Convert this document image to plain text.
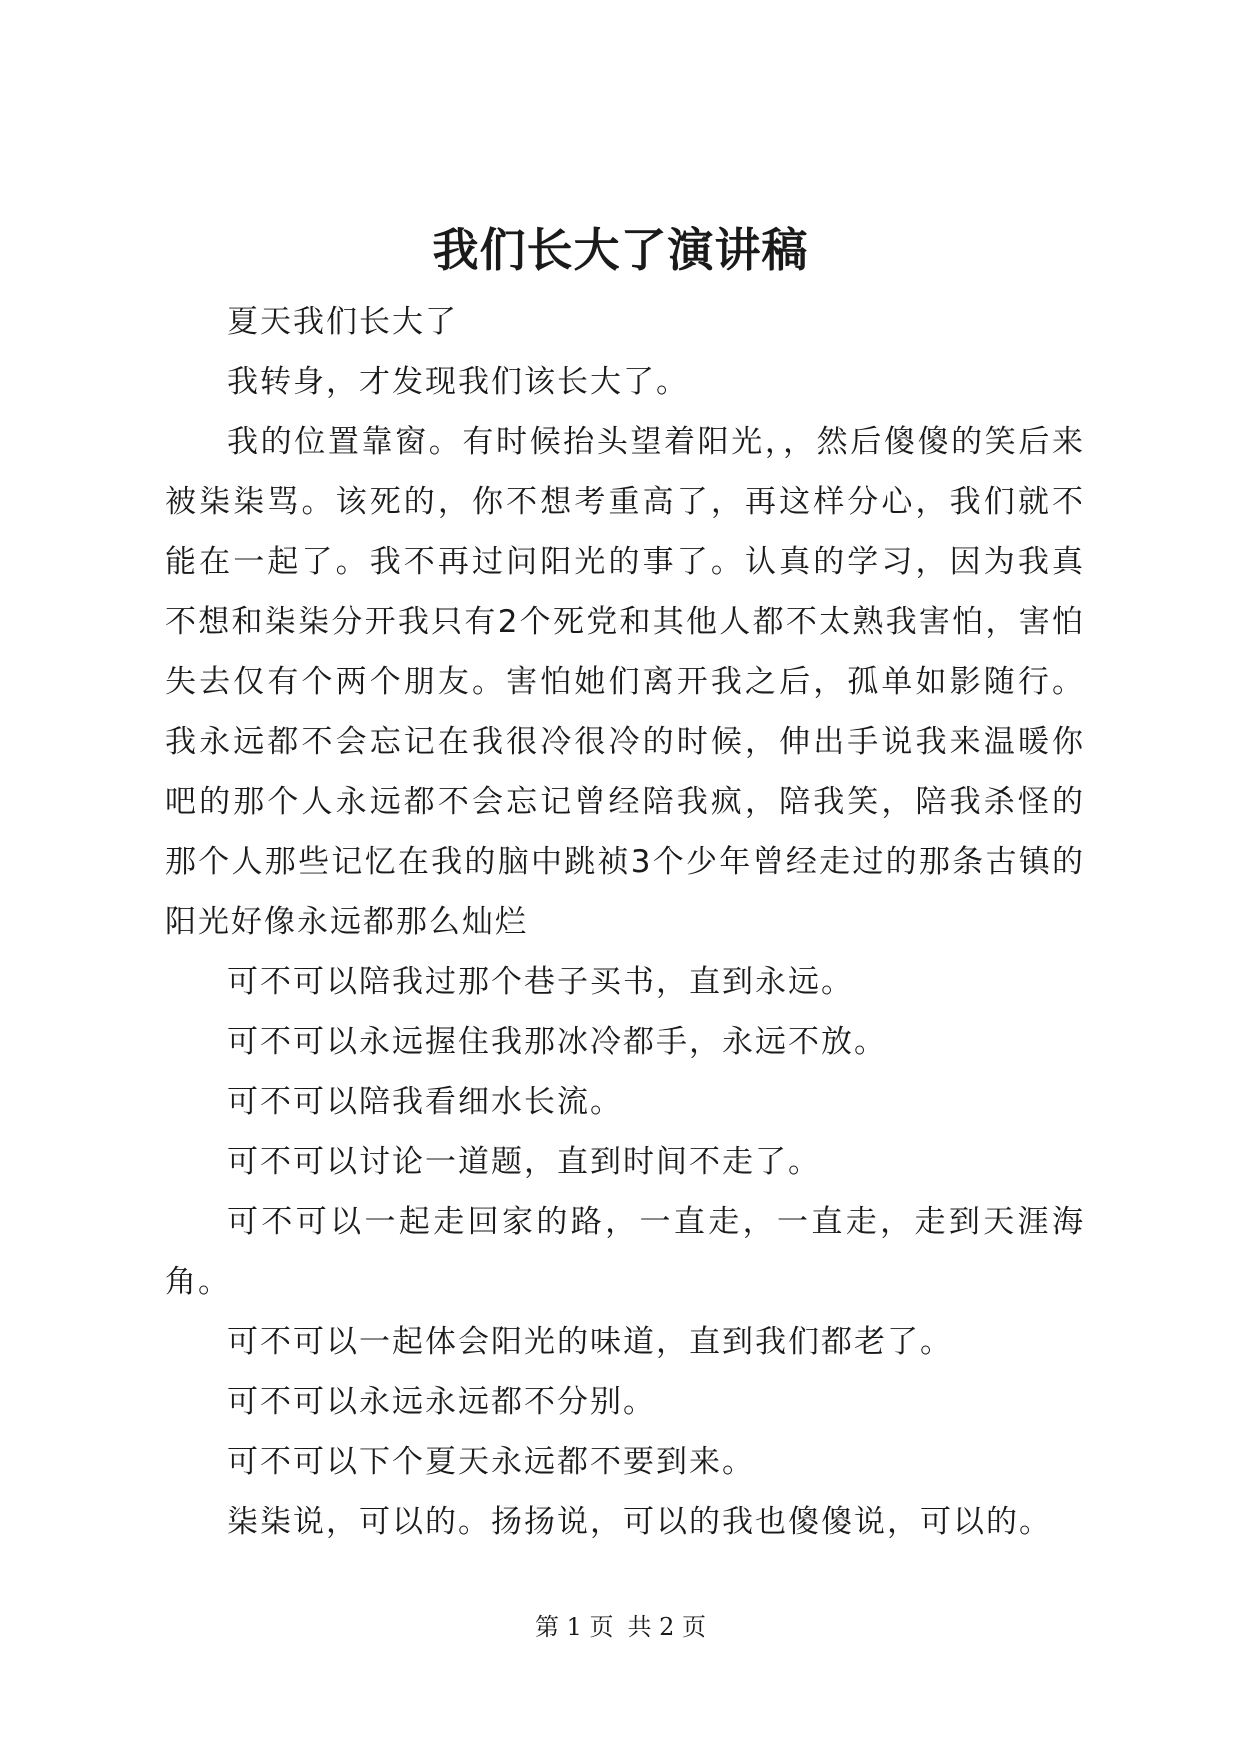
我们长大了演讲稿

夏天我们长大了

我转身，才发现我们该长大了。

我的位置靠窗。有时候抬头望着阳光，，然后傻傻的笑后来被柒柒骂。该死的，你不想考重高了，再这样分心，我们就不能在一起了。我不再过问阳光的事了。认真的学习，因为我真不想和柒柒分开我只有2个死党和其他人都不太熟我害怕，害怕失去仅有个两个朋友。害怕她们离开我之后，孤单如影随行。我永远都不会忘记在我很冷很冷的时候，伸出手说我来温暖你吧的那个人永远都不会忘记曾经陪我疯，陪我笑，陪我杀怪的那个人那些记忆在我的脑中跳祯3个少年曾经走过的那条古镇的阳光好像永远都那么灿烂

可不可以陪我过那个巷子买书，直到永远。

可不可以永远握住我那冰冷都手，永远不放。

可不可以陪我看细水长流。

可不可以讨论一道题，直到时间不走了。

可不可以一起走回家的路，一直走，一直走，走到天涯海角。

可不可以一起体会阳光的味道，直到我们都老了。

可不可以永远永远都不分别。

可不可以下个夏天永远都不要到来。

柒柒说，可以的。扬扬说，可以的我也傻傻说，可以的。

第 1 页 共 2 页
